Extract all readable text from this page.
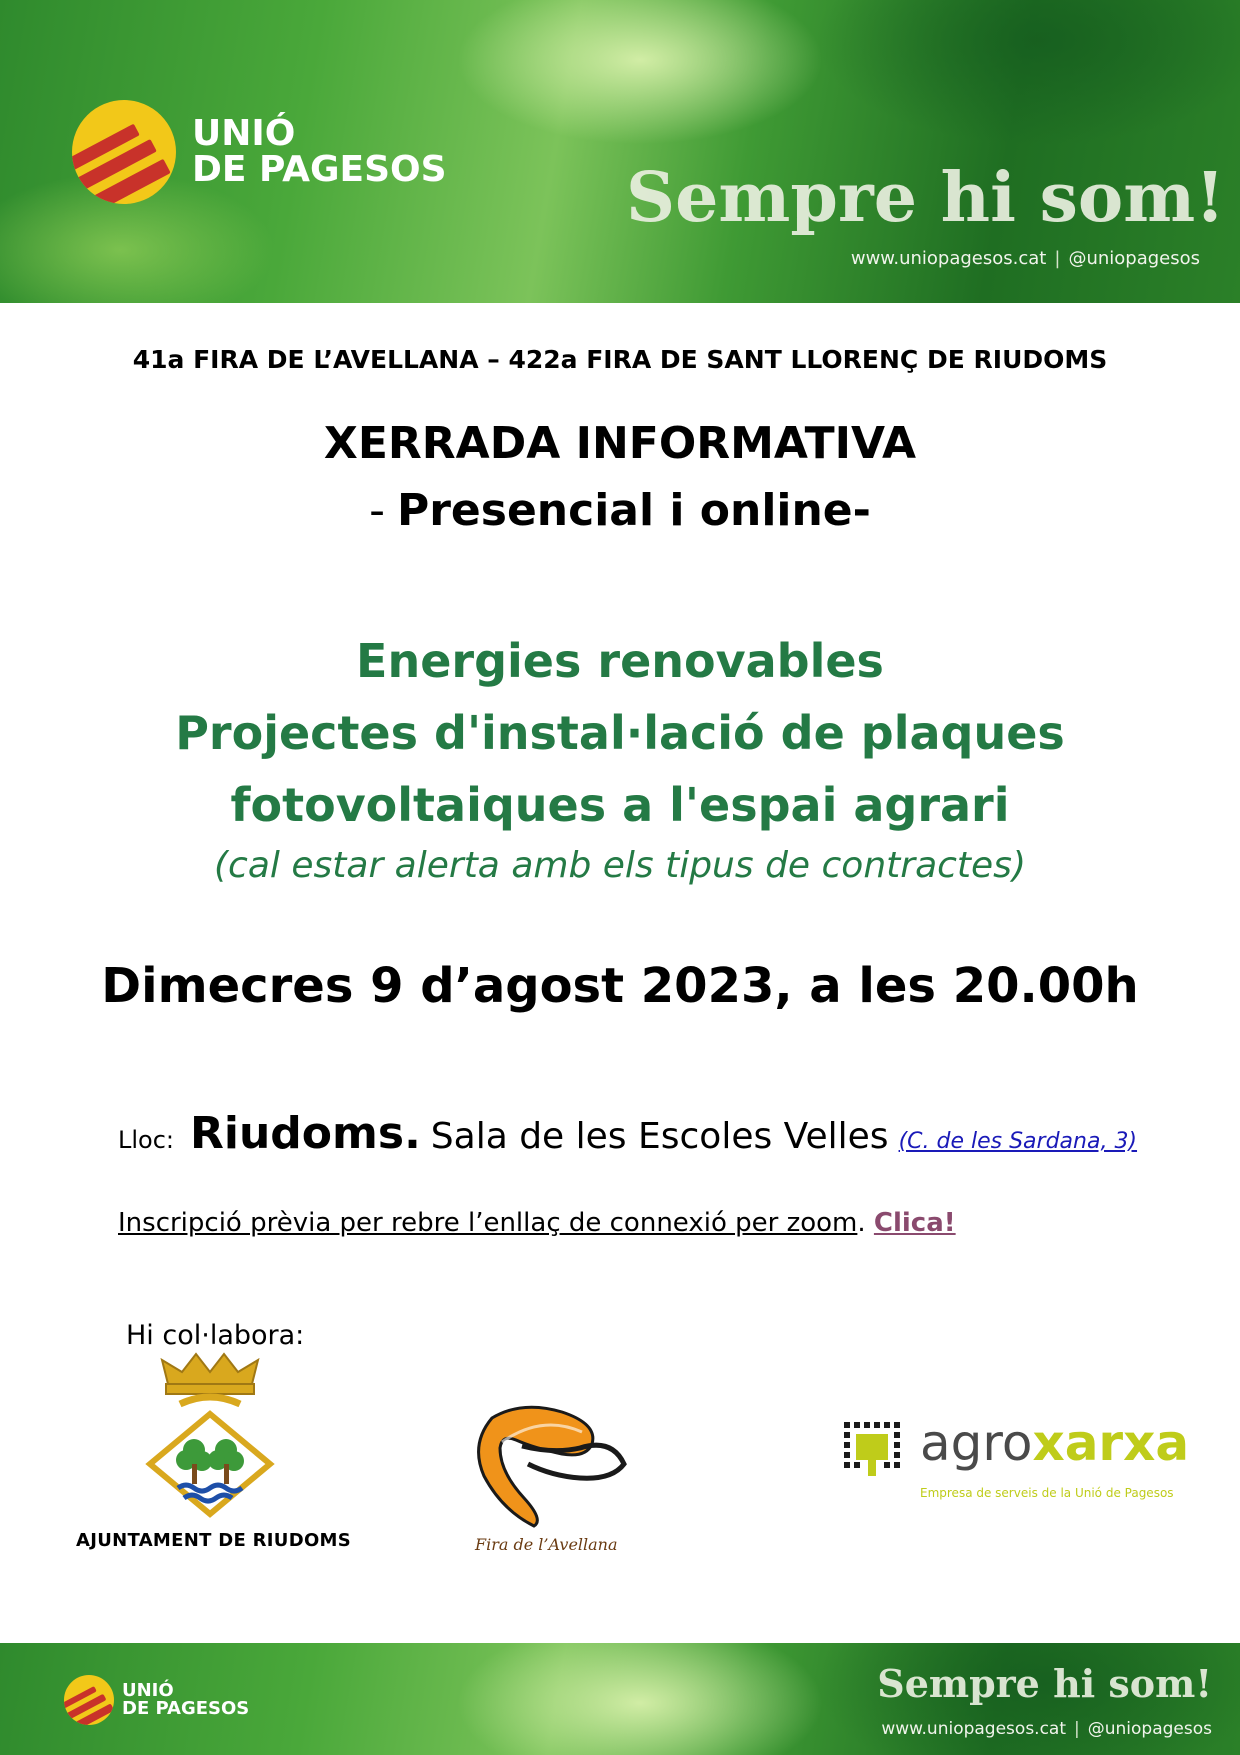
UNIÓ
DE PAGESOS	Sempre hi som!
www.uniopagesos.cat | @uniopagesos
41a FIRA DE L’AVELLANA – 422a FIRA DE SANT LLORENÇ DE RIUDOMS
XERRADA INFORMATIVA
- Presencial i online-
Energies renovables
Projectes d'instal·lació de plaques
fotovoltaiques a l'espai agrari
(cal estar alerta amb els tipus de contractes)
Dimecres 9 d’agost 2023, a les 20.00h
Lloc: Riudoms. Sala de les Escoles Velles (C. de les Sardana, 3)
Inscripció prèvia per rebre l’enllaç de connexió per zoom. Clica!
Hi col·labora:
AJUNTAMENT DE RIUDOMS	Fira de l’Avellana
agroxarxa
Empresa de serveis de la Unió de Pagesos
UNIÓ
DE PAGESOS
Sempre hi som!
www.uniopagesos.cat | @uniopagesos
